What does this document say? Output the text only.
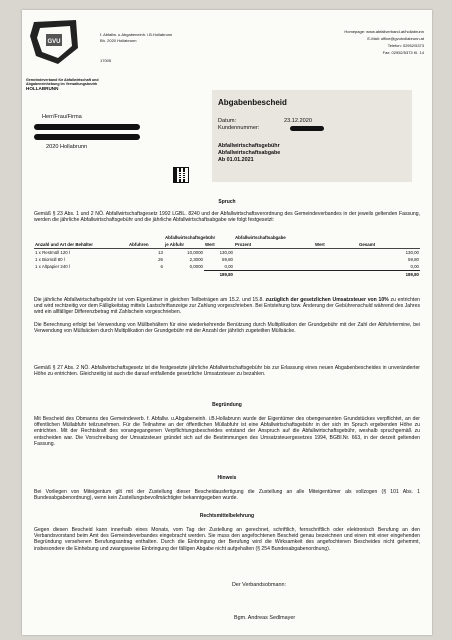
GVU
Gemeindeverband für Abfallwirtschaft und
Abgabeneinhebung im Verwaltungsbezirk
HOLLABRUNN
f. Abfallw. u.Abgabeneinh. i.B.Hollabrunn
Bh. 2020 Hollabrunn
17005
Homepage: www.abfallverband.at/hollabrunn
E-Mail: office@gvuhollabrunn.at
Telefon: 02952/5373
Fax: 02952/5373 Kl. 14
Herr/Frau/Firma
2020 Hollabrunn
Abgabenbescheid
Datum:	23.12.2020
Kundennummer:
Abfallwirtschaftsgebühr
Abfallwirtschaftsabgabe
Ab 01.01.2021
Spruch
Gemäß § 23 Abs. 1 und 2 NÖ. Abfallwirtschaftsgesetz 1992 LGBL. 8240 und der Abfallwirtschaftsverordnung des Gemeindeverbandes in der jeweils geltenden Fassung, werden die jährliche Abfallwirtschaftsgebühr und die jährliche Abfallwirtschaftsabgabe wie folgt festgesetzt:
		Abfallwirtschaftsgebühr		Abfallwirtschaftsabgabe		
Anzahl und Art der Behälter	Abfuhren	je Abfuhr	Wert	Prozent	Wert	Gesamt
1 x Restmüll 120 l	13	10,0000	130,00			130,00
1 x Biomüll 80 l	26	2,3000	59,80			59,80
1 x Altpapier 240 l	6	0,0000	0,00			0,00
			189,80			189,80
Die jährliche Abfallwirtschaftsgebühr ist vom Eigentümer in gleichen Teilbeträgen am 15.2. und 15.8. zuzüglich der gesetzlichen Umsatzsteuer von 10% zu entrichten und wird rechtzeitig vor dem Fälligkeitstag mittels Lastschriftanzeige zur Zahlung vorgeschrieben. Bei Entstehung bzw. Änderung der Gebührenschuld während des Jahres wird ein allfälliger Differenzbetrag mit Zahlschein vorgeschrieben.
Die Berechnung erfolgt bei Verwendung von Müllbehältern für eine wiederkehrende Benützung durch Multiplikation der Grundgebühr mit der Zahl der Abfuhrtermine, bei Verwendung von Müllsäcken durch Multiplikation der Grundgebühr mit der Anzahl der jährlich zugeteilten Müllsäcke.
Gemäß § 27 Abs. 2 NÖ. Abfallwirtschaftsgesetz ist die festgesetzte jährliche Abfallwirtschaftsgebühr bis zur Erlassung eines neuen Abgabenbescheides in unveränderter Höhe zu entrichten. Gleichzeitig ist auch die darauf entfallende gesetzliche Umsatzsteuer zu bezahlen.
Begründung
Mit Bescheid des Obmanns des Gemeindeverb. f. Abfallw. u.Abgabeneinh. i.B.Hollabrunn wurde der Eigentümer des obengenannten Grundstückes verpflichtet, an der öffentlichen Müllabfuhr teilzunehmen. Für die Teilnahme an der öffentlichen Müllabfuhr ist eine Abfallwirtschaftsgebühr in der sich im Spruch ergebenden Höhe zu entrichten. Mit der Rechtskraft des vorangegangenen Verpflichtungsbescheides entstand der Anspruch auf die Abfallwirtschaftsgebühr, weshalb spruchgemäß zu entscheiden war. Die Vorschreibung der Umsatzsteuer gründet sich auf die Bestimmungen des Umsatzsteuergesetzes 1994, BGBl.Nr. 663, in der derzeit geltenden Fassung.
Hinweis
Bei Vorliegen von Miteigentum gilt mit der Zustellung dieser Bescheidausfertigung die Zustellung an alle Miteigentümer als vollzogen (§ 101 Abs. 1 Bundesabgabenordnung), wenn kein Zustellungsbevollmächtigter bekanntgegeben wurde.
Rechtsmittelbelehrung
Gegen diesen Bescheid kann innerhalb eines Monats, vom Tag der Zustellung an gerechnet, schriftlich, fernschriftlich oder elektronisch Berufung an den Verbandsvorstand beim Amt des Gemeindeverbandes eingebracht werden. Sie muss den angefochtenen Bescheid genau bezeichnen und einen mit einer eingehenden Begründung versehenen Berufungsantrag enthalten. Durch die Einbringung der Berufung wird die Wirksamkeit des angefochtenen Bescheides nicht gehemmt, insbesondere die Einhebung und zwangsweise Einbringung der fälligen Abgabe nicht aufgehalten (§ 254 Bundesabgabenordnung).
Der Verbandsobmann:
Bgm. Andreas Sedlmayer
